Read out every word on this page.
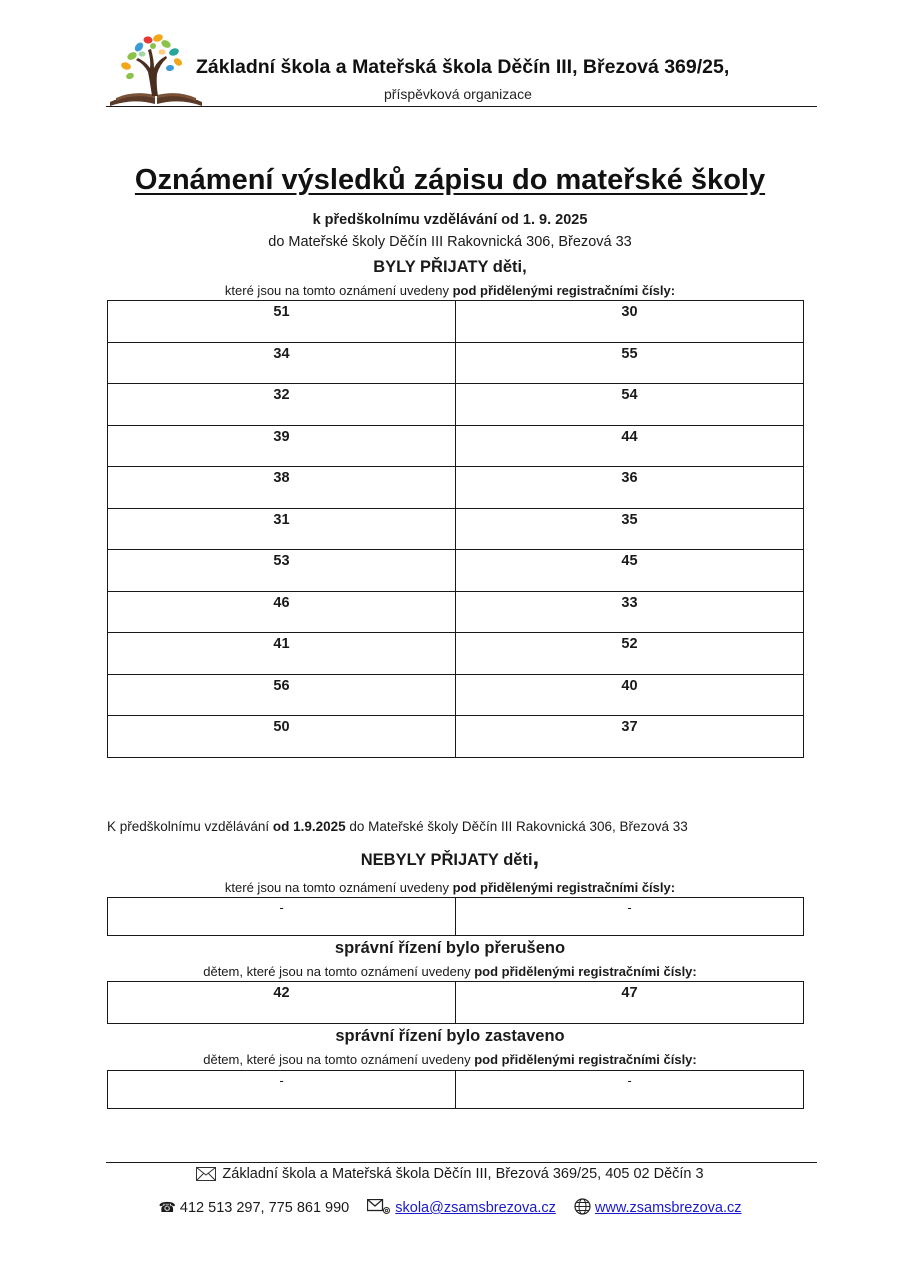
Základní škola a Mateřská škola Děčín III, Březová 369/25,
příspěvková organizace
Oznámení výsledků zápisu do mateřské školy
k předškolnímu vzdělávání od 1. 9. 2025
do Mateřské školy Děčín III Rakovnická 306, Březová 33
BYLY PŘIJATY děti,
které jsou na tomto oznámení uvedeny pod přidělenými registračními čísly:
51	30
34	55
32	54
39	44
38	36
31	35
53	45
46	33
41	52
56	40
50	37
K předškolnímu vzdělávání od 1.9.2025 do Mateřské školy Děčín III Rakovnická 306, Březová 33
NEBYLY PŘIJATY děti,
které jsou na tomto oznámení uvedeny pod přidělenými registračními čísly:
-	-
správní řízení bylo přerušeno
dětem, které jsou na tomto oznámení uvedeny pod přidělenými registračními čísly:
42	47
správní řízení bylo zastaveno
dětem, které jsou na tomto oznámení uvedeny pod přidělenými registračními čísly:
-	-
Základní škola a Mateřská škola Děčín III, Březová 369/25, 405 02 Děčín 3
☎ 412 513 297, 775 861 990	skola@zsamsbrezova.cz	www.zsamsbrezova.cz
